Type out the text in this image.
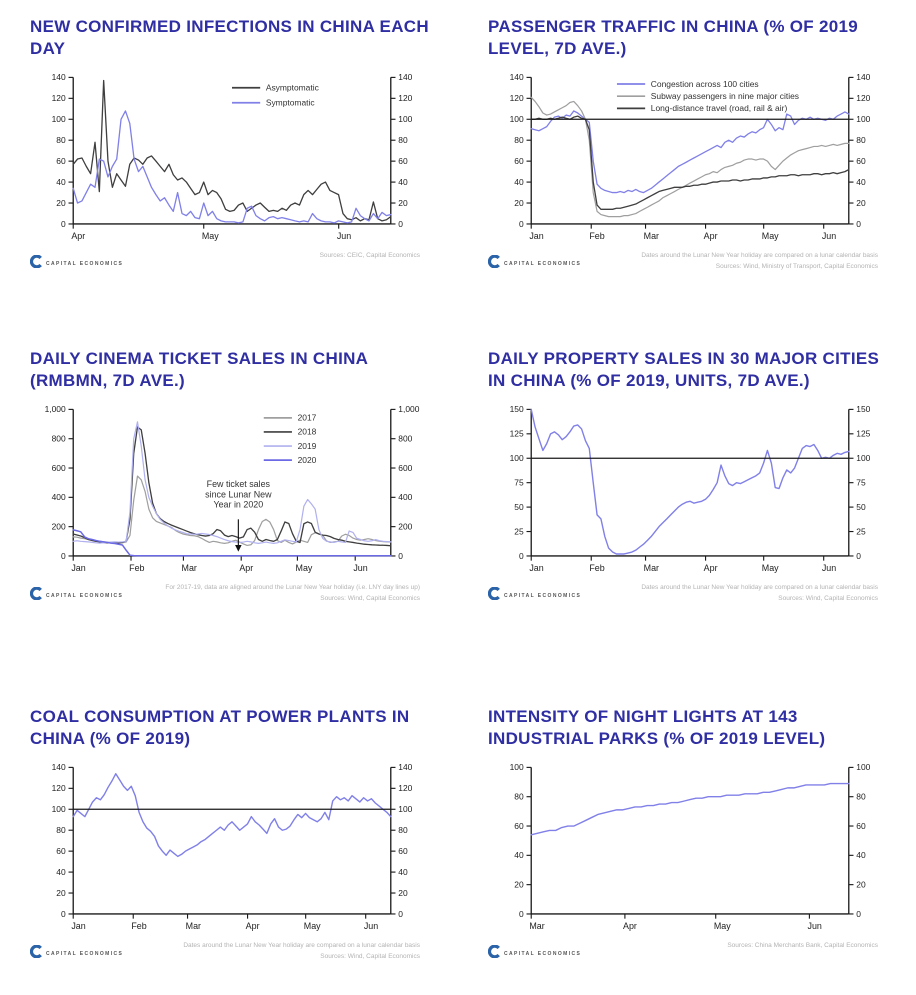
NEW CONFIRMED INFECTIONS IN CHINA EACH DAY
0	0
20	20
40	40
60	60
80	80
100	100
120	120
140	140
Apr	May	Jun
Asymptomatic
Symptomatic
CAPITAL ECONOMICS
Sources: CEIC, Capital Economics
PASSENGER TRAFFIC IN CHINA (% OF 2019 LEVEL, 7D AVE.)
0	0
20	20
40	40
60	60
80	80
100	100
120	120
140	140
Jan	Feb	Mar	Apr	May	Jun
Congestion across 100 cities
Subway passengers in nine major cities
Long-distance travel (road, rail & air)
CAPITAL ECONOMICS
Dates around the Lunar New Year holiday are compared on a lunar calendar basis
Sources: Wind, Ministry of Transport, Capital Economics
DAILY CINEMA TICKET SALES IN CHINA (RMBMN, 7D AVE.)
0	0
200	200
400	400
600	600
800	800
1,000	1,000
Jan	Feb	Mar	Apr	May	Jun
2017
2018
2019
2020
Few ticket sales
since Lunar New
Year in 2020
CAPITAL ECONOMICS
For 2017-19, data are aligned around the Lunar New Year holiday (i.e. LNY day lines up)
Sources: Wind, Capital Economics
DAILY PROPERTY SALES IN 30 MAJOR CITIES IN CHINA (% OF 2019, UNITS, 7D AVE.)
0	0
25	25
50	50
75	75
100	100
125	125
150	150
Jan	Feb	Mar	Apr	May	Jun
CAPITAL ECONOMICS
Dates around the Lunar New Year holiday are compared on a lunar calendar basis
Sources: Wind, Capital Economics
COAL CONSUMPTION AT POWER PLANTS IN CHINA (% OF 2019)
0	0
20	20
40	40
60	60
80	80
100	100
120	120
140	140
Jan	Feb	Mar	Apr	May	Jun
CAPITAL ECONOMICS
Dates around the Lunar New Year holiday are compared on a lunar calendar basis
Sources: Wind, Capital Economics
INTENSITY OF NIGHT LIGHTS AT 143 INDUSTRIAL PARKS (% OF 2019 LEVEL)
0	0
20	20
40	40
60	60
80	80
100	100
Mar	Apr	May	Jun
CAPITAL ECONOMICS
Sources: China Merchants Bank, Capital Economics
